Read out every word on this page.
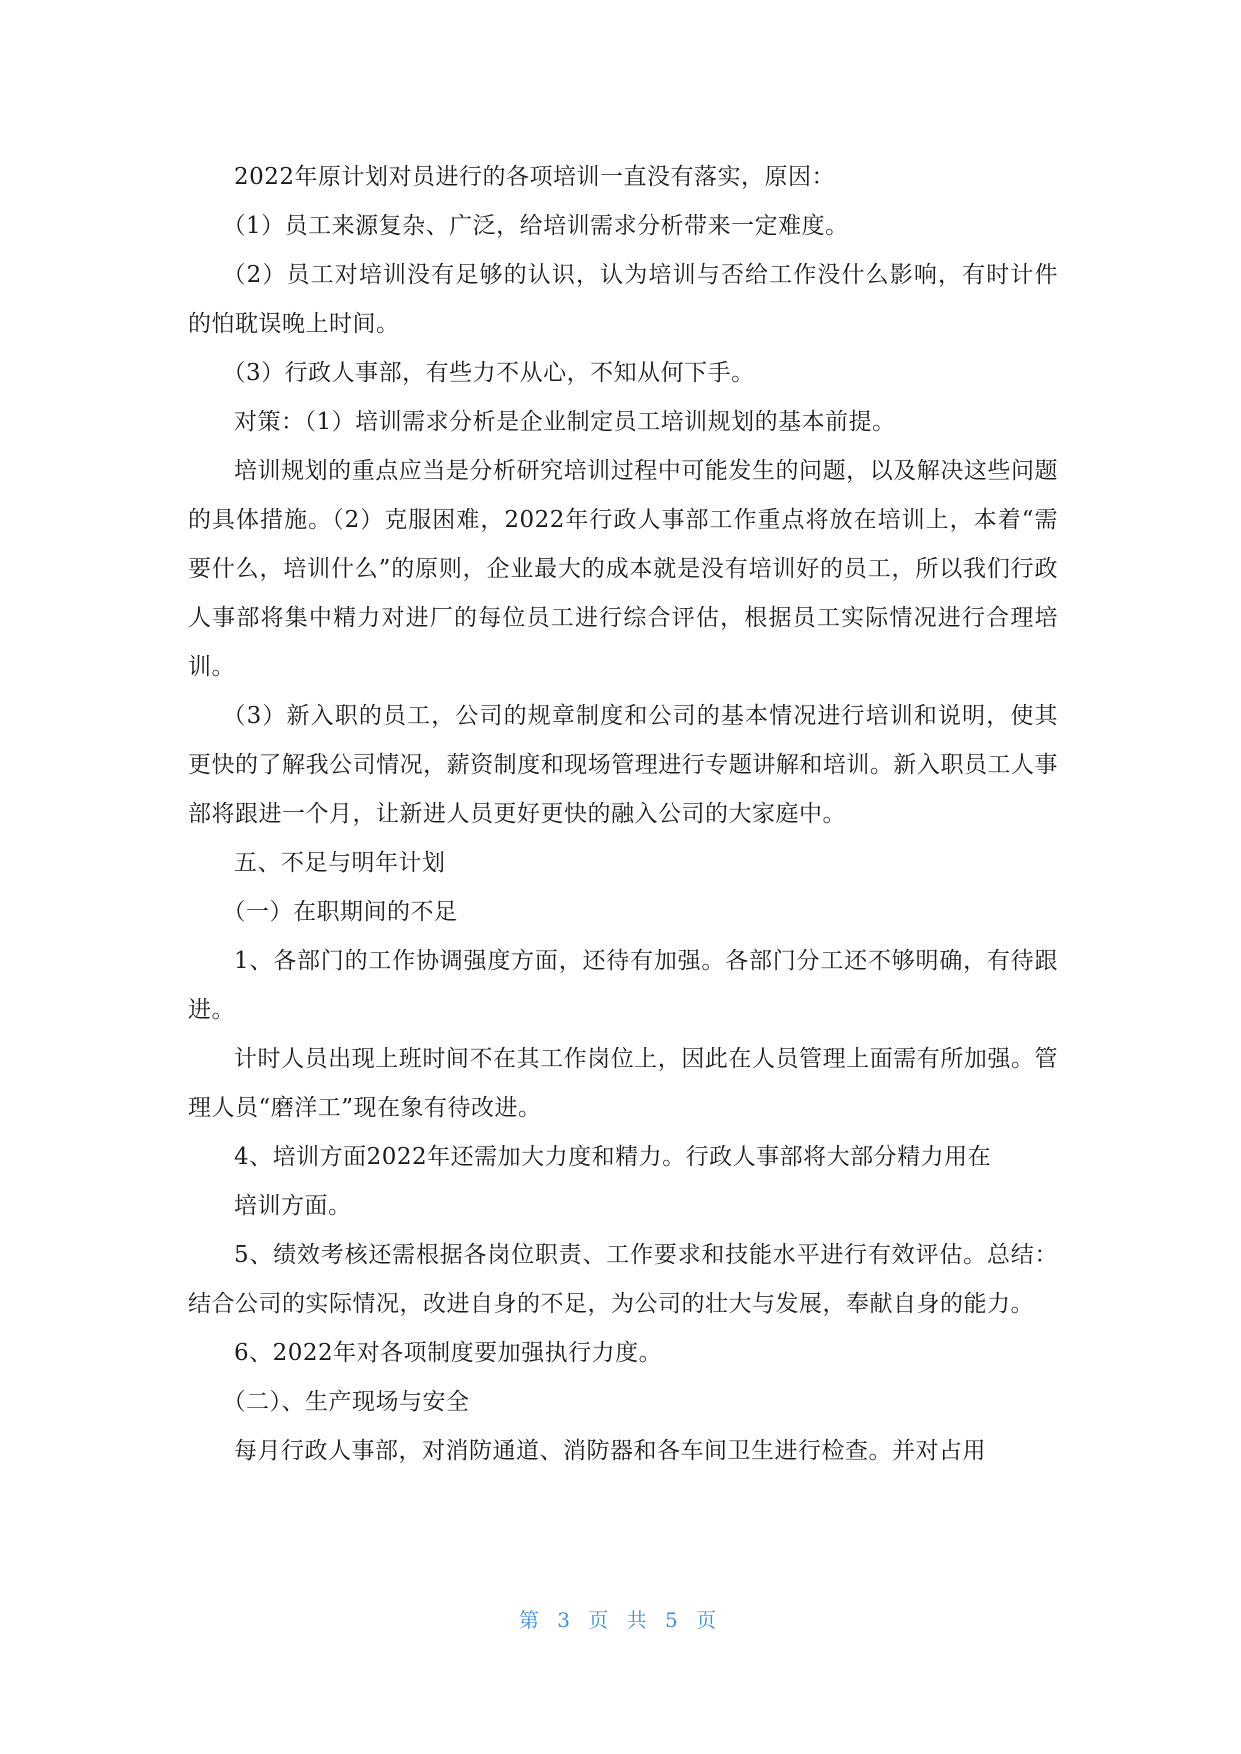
2022年原计划对员进行的各项培训一直没有落实，原因：

（1）员工来源复杂、广泛，给培训需求分析带来一定难度。

（2）员工对培训没有足够的认识，认为培训与否给工作没什么影响，有时计件的怕耽误晚上时间。

（3）行政人事部，有些力不从心，不知从何下手。

对策：（1）培训需求分析是企业制定员工培训规划的基本前提。

培训规划的重点应当是分析研究培训过程中可能发生的问题，以及解决这些问题的具体措施。（2）克服困难，2022年行政人事部工作重点将放在培训上，本着“需要什么，培训什么”的原则，企业最大的成本就是没有培训好的员工，所以我们行政人事部将集中精力对进厂的每位员工进行综合评估，根据员工实际情况进行合理培训。

（3）新入职的员工，公司的规章制度和公司的基本情况进行培训和说明，使其更快的了解我公司情况，薪资制度和现场管理进行专题讲解和培训。新入职员工人事部将跟进一个月，让新进人员更好更快的融入公司的大家庭中。

五、不足与明年计划

（一）在职期间的不足

1、各部门的工作协调强度方面，还待有加强。各部门分工还不够明确，有待跟进。

计时人员出现上班时间不在其工作岗位上，因此在人员管理上面需有所加强。管理人员“磨洋工”现在象有待改进。

4、培训方面2022年还需加大力度和精力。行政人事部将大部分精力用在

培训方面。

5、绩效考核还需根据各岗位职责、工作要求和技能水平进行有效评估。总结：结合公司的实际情况，改进自身的不足，为公司的壮大与发展，奉献自身的能力。

6、2022年对各项制度要加强执行力度。

（二）、生产现场与安全

每月行政人事部，对消防通道、消防器和各车间卫生进行检查。并对占用

第 3 页 共 5 页
